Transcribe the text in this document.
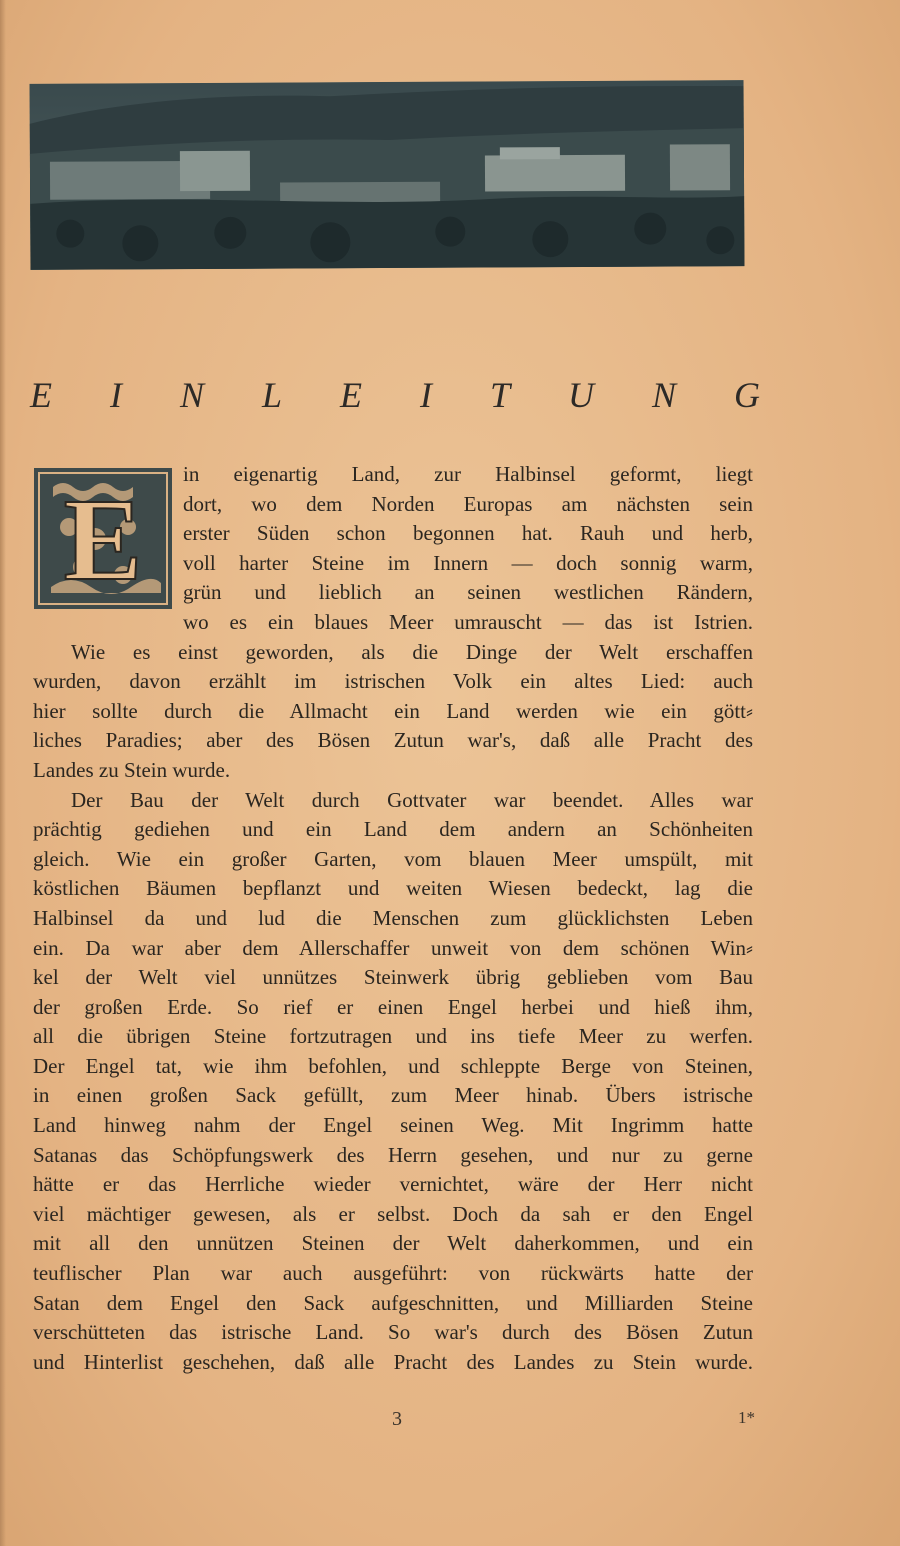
E I N L E I T U N G
E	in eigenartig Land, zur Halbinsel geformt, liegt
dort, wo dem Norden Europas am nächsten sein
erster Süden schon begonnen hat. Rauh und herb,
voll harter Steine im Innern — doch sonnig warm,
grün und lieblich an seinen westlichen Rändern,
wo es ein blaues Meer umrauscht — das ist Istrien.

Wie es einst geworden, als die Dinge der Welt erschaffen
wurden, davon erzählt im istrischen Volk ein altes Lied: auch
hier sollte durch die Allmacht ein Land werden wie ein gött⸗
liches Paradies; aber des Bösen Zutun war's, daß alle Pracht des
Landes zu Stein wurde.

Der Bau der Welt durch Gottvater war beendet. Alles war
prächtig gediehen und ein Land dem andern an Schönheiten
gleich. Wie ein großer Garten, vom blauen Meer umspült, mit
köstlichen Bäumen bepflanzt und weiten Wiesen bedeckt, lag die
Halbinsel da und lud die Menschen zum glücklichsten Leben
ein. Da war aber dem Allerschaffer unweit von dem schönen Win⸗
kel der Welt viel unnützes Steinwerk übrig geblieben vom Bau
der großen Erde. So rief er einen Engel herbei und hieß ihm,
all die übrigen Steine fortzutragen und ins tiefe Meer zu werfen.
Der Engel tat, wie ihm befohlen, und schleppte Berge von Steinen,
in einen großen Sack gefüllt, zum Meer hinab. Übers istrische
Land hinweg nahm der Engel seinen Weg. Mit Ingrimm hatte
Satanas das Schöpfungswerk des Herrn gesehen, und nur zu gerne
hätte er das Herrliche wieder vernichtet, wäre der Herr nicht
viel mächtiger gewesen, als er selbst. Doch da sah er den Engel
mit all den unnützen Steinen der Welt daherkommen, und ein
teuflischer Plan war auch ausgeführt: von rückwärts hatte der
Satan dem Engel den Sack aufgeschnitten, und Milliarden Steine
verschütteten das istrische Land. So war's durch des Bösen Zutun
und Hinterlist geschehen, daß alle Pracht des Landes zu Stein wurde.

3	1*
